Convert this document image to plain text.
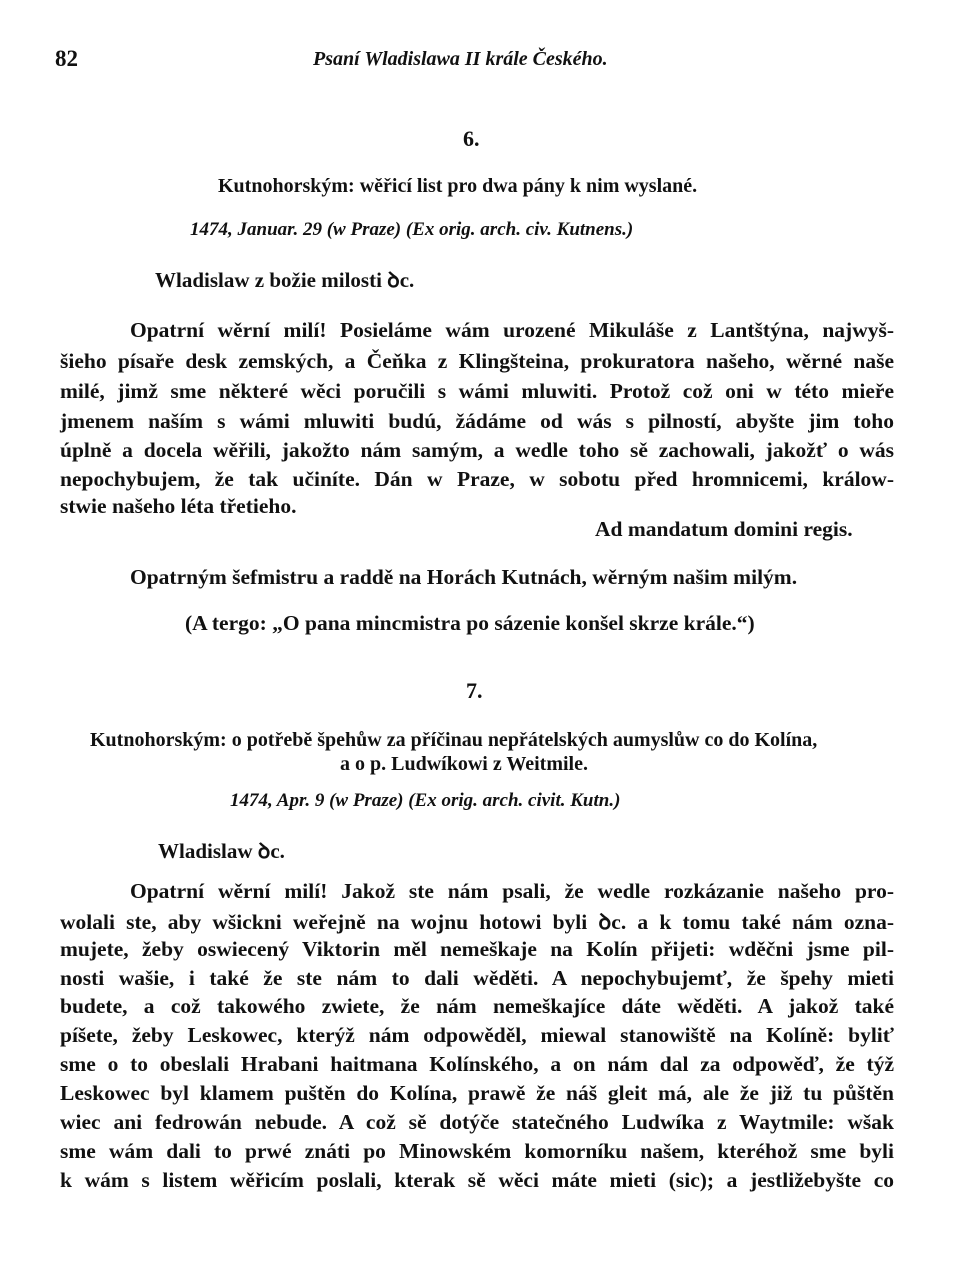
82	Psaní Wladislawa II krále Českého.
6.
Kutnohorským: wěřicí list pro dwa pány k nim wyslané.
1474, Januar. 29 (w Praze) (Ex orig. arch. civ. Kutnens.)
Wladislaw z božie milosti ꝺc.
Opatrní wěrní milí! Posieláme wám urozené Mikuláše z Lantštýna, najwyš-
šieho písaře desk zemských, a Čeňka z Klingšteina, prokuratora našeho, wěrné naše
milé, jimž sme některé wěci poručili s wámi mluwiti. Protož což oni w této mieře
jmenem naším s wámi mluwiti budú, žádáme od wás s pilností, abyšte jim toho
úplně a docela wěřili, jakožto nám samým, a wedle toho sě zachowali, jakožť o wás
nepochybujem, že tak učiníte. Dán w Praze, w sobotu před hromnicemi, králow-
stwie našeho léta třetieho.
Ad mandatum domini regis.
Opatrným šefmistru a raddě na Horách Kutnách, wěrným našim milým.
(A tergo: „O pana mincmistra po sázenie konšel skrze krále.“)
7.
Kutnohorským: o potřebě špehůw za příčinau nepřátelských aumyslůw co do Kolína,
a o p. Ludwíkowi z Weitmile.
1474, Apr. 9 (w Praze) (Ex orig. arch. civit. Kutn.)
Wladislaw ꝺc.
Opatrní wěrní milí! Jakož ste nám psali, že wedle rozkázanie našeho pro-
wolali ste, aby wšickni weřejně na wojnu hotowi byli ꝺc. a k tomu také nám ozna-
mujete, žeby oswiecený Viktorin měl nemeškaje na Kolín přijeti: wděčni jsme pil-
nosti wašie, i také že ste nám to dali wěděti. A nepochybujemť, že špehy mieti
budete, a což takowého zwiete, že nám nemeškajíce dáte wěděti. A jakož také
píšete, žeby Leskowec, kterýž nám odpowěděl, miewal stanowiště na Kolíně: byliť
sme o to obeslali Hrabani haitmana Kolínského, a on nám dal za odpowěď, že týž
Leskowec byl klamem puštěn do Kolína, prawě že náš gleit má, ale že již tu půštěn
wiec ani fedrowán nebude. A což sě dotýče statečného Ludwíka z Waytmile: wšak
sme wám dali to prwé znáti po Minowském komorníku našem, kteréhož sme byli
k wám s listem wěřicím poslali, kterak sě wěci máte mieti (sic); a jestližebyšte co
